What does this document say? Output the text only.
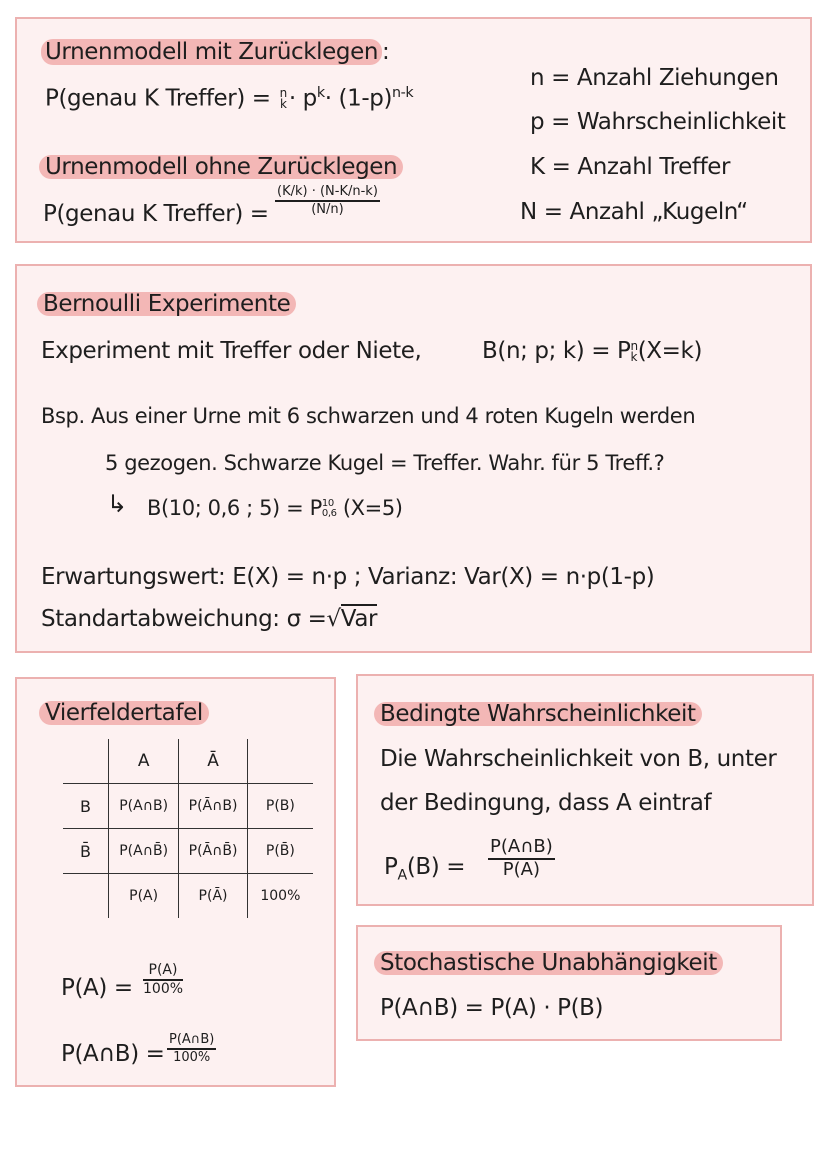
Urnenmodell mit Zurücklegen :
P(genau K Treffer) = n
$k \cdot p^k\cdot (1-p)^{n-k}$
Urnenmodell ohne Zurücklegen
P(genau K Treffer) = $\frac{(K/k) \cdot (N-K/n-k)}{(N/n)}$
n = Anzahl Ziehungen
p = Wahrscheinlichkeit
K = Anzahl Treffer
N = Anzahl „Kugeln“
Bernoulli Experimente
Experiment mit Treffer oder Niete,	B(n; p; k) = P n
k (X=k)
Bsp. Aus einer Urne mit 6 schwarzen und 4 roten Kugeln werden
5 gezogen. Schwarze Kugel = Treffer. Wahr. für 5 Treff.?
↳ B(10; 0,6 ; 5) = P 10
0,6 (X=5)
Erwartungswert: E(X) = n·p ; Varianz: Var(X) = n·p(1-p)
Standartabweichung: σ =√Var
Vierfeldertafel
	A	Ā	
B	P(A∩B)	P(Ā∩B)	P(B)
B̄	P(A∩B̄)	P(Ā∩B̄)	P(B̄)
	P(A)	P(Ā)	100%
$P(A) = \frac{P(A)}{100\%}$
P(A∩B) = $\frac{P(A\cap B)}{100\%}$
Bedingte Wahrscheinlichkeit
Die Wahrscheinlichkeit von B, unter
der Bedingung, dass A eintraf
$P_A(B) = \frac{P(A\cap B)}{P(A)}$
Stochastische Unabhängigkeit
P(A∩B) = P(A) · P(B)
